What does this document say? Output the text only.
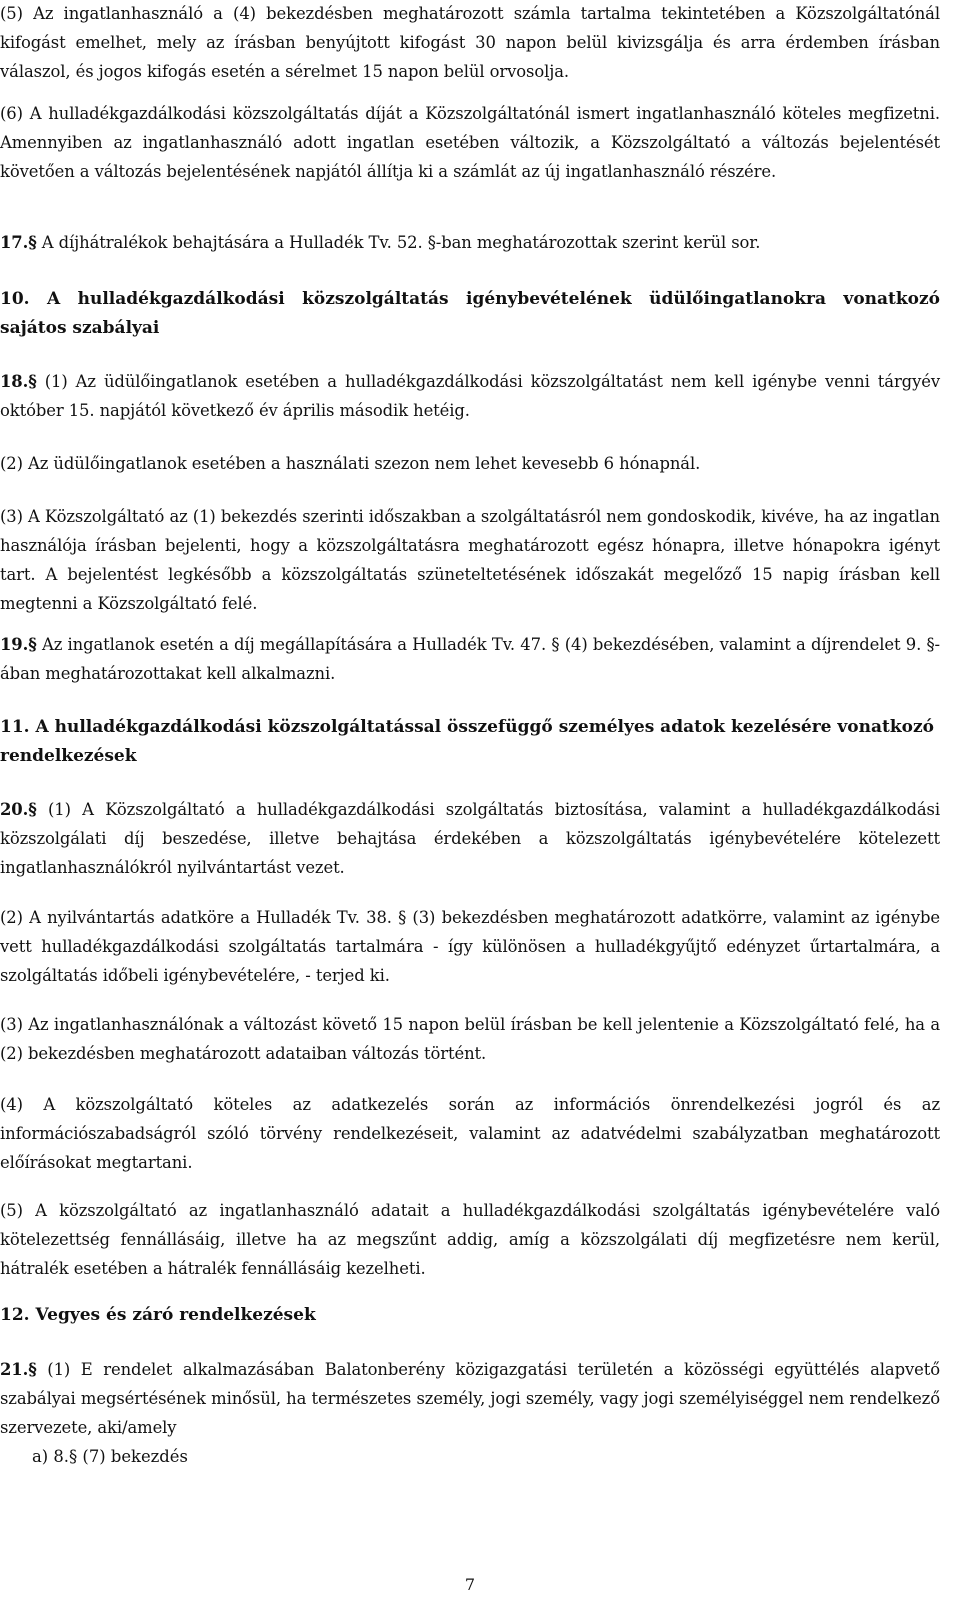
(5) Az ingatlanhasználó a (4) bekezdésben meghatározott számla tartalma tekintetében a Közszolgáltatónál kifogást emelhet, mely az írásban benyújtott kifogást 30 napon belül kivizsgálja és arra érdemben írásban válaszol, és jogos kifogás esetén a sérelmet 15 napon belül orvosolja.

(6) A hulladékgazdálkodási közszolgáltatás díját a Közszolgáltatónál ismert ingatlanhasználó köteles megfizetni. Amennyiben az ingatlanhasználó adott ingatlan esetében változik, a Közszolgáltató a változás bejelentését követően a változás bejelentésének napjától állítja ki a számlát az új ingatlanhasználó részére.

17.§ A díjhátralékok behajtására a Hulladék Tv. 52. §-ban meghatározottak szerint kerül sor.

10. A hulladékgazdálkodási közszolgáltatás igénybevételének üdülőingatlanokra vonatkozó sajátos szabályai

18.§ (1) Az üdülőingatlanok esetében a hulladékgazdálkodási közszolgáltatást nem kell igénybe venni tárgyév október 15. napjától következő év április második hetéig.

(2) Az üdülőingatlanok esetében a használati szezon nem lehet kevesebb 6 hónapnál.

(3) A Közszolgáltató az (1) bekezdés szerinti időszakban a szolgáltatásról nem gondoskodik, kivéve, ha az ingatlan használója írásban bejelenti, hogy a közszolgáltatásra meghatározott egész hónapra, illetve hónapokra igényt tart. A bejelentést legkésőbb a közszolgáltatás szüneteltetésének időszakát megelőző 15 napig írásban kell megtenni a Közszolgáltató felé.

19.§ Az ingatlanok esetén a díj megállapítására a Hulladék Tv. 47. § (4) bekezdésében, valamint a díjrendelet 9. §-ában meghatározottakat kell alkalmazni.

11. A hulladékgazdálkodási közszolgáltatással összefüggő személyes adatok kezelésére vonatkozó rendelkezések

20.§ (1) A Közszolgáltató a hulladékgazdálkodási szolgáltatás biztosítása, valamint a hulladékgazdálkodási közszolgálati díj beszedése, illetve behajtása érdekében a közszolgáltatás igénybevételére kötelezett ingatlanhasználókról nyilvántartást vezet.

(2) A nyilvántartás adatköre a Hulladék Tv. 38. § (3) bekezdésben meghatározott adatkörre, valamint az igénybe vett hulladékgazdálkodási szolgáltatás tartalmára - így különösen a hulladékgyűjtő edényzet űrtartalmára, a szolgáltatás időbeli igénybevételére, - terjed ki.

(3) Az ingatlanhasználónak a változást követő 15 napon belül írásban be kell jelentenie a Közszolgáltató felé, ha a (2) bekezdésben meghatározott adataiban változás történt.

(4) A közszolgáltató köteles az adatkezelés során az információs önrendelkezési jogról és az információszabadságról szóló törvény rendelkezéseit, valamint az adatvédelmi szabályzatban meghatározott előírásokat megtartani.

(5) A közszolgáltató az ingatlanhasználó adatait a hulladékgazdálkodási szolgáltatás igénybevételére való kötelezettség fennállásáig, illetve ha az megszűnt addig, amíg a közszolgálati díj megfizetésre nem kerül, hátralék esetében a hátralék fennállásáig kezelheti.

12. Vegyes és záró rendelkezések

21.§ (1) E rendelet alkalmazásában Balatonberény közigazgatási területén a közösségi együttélés alapvető szabályai megsértésének minősül, ha természetes személy, jogi személy, vagy jogi személyiséggel nem rendelkező szervezete, aki/amely

a) 8.§ (7) bekezdés
7
